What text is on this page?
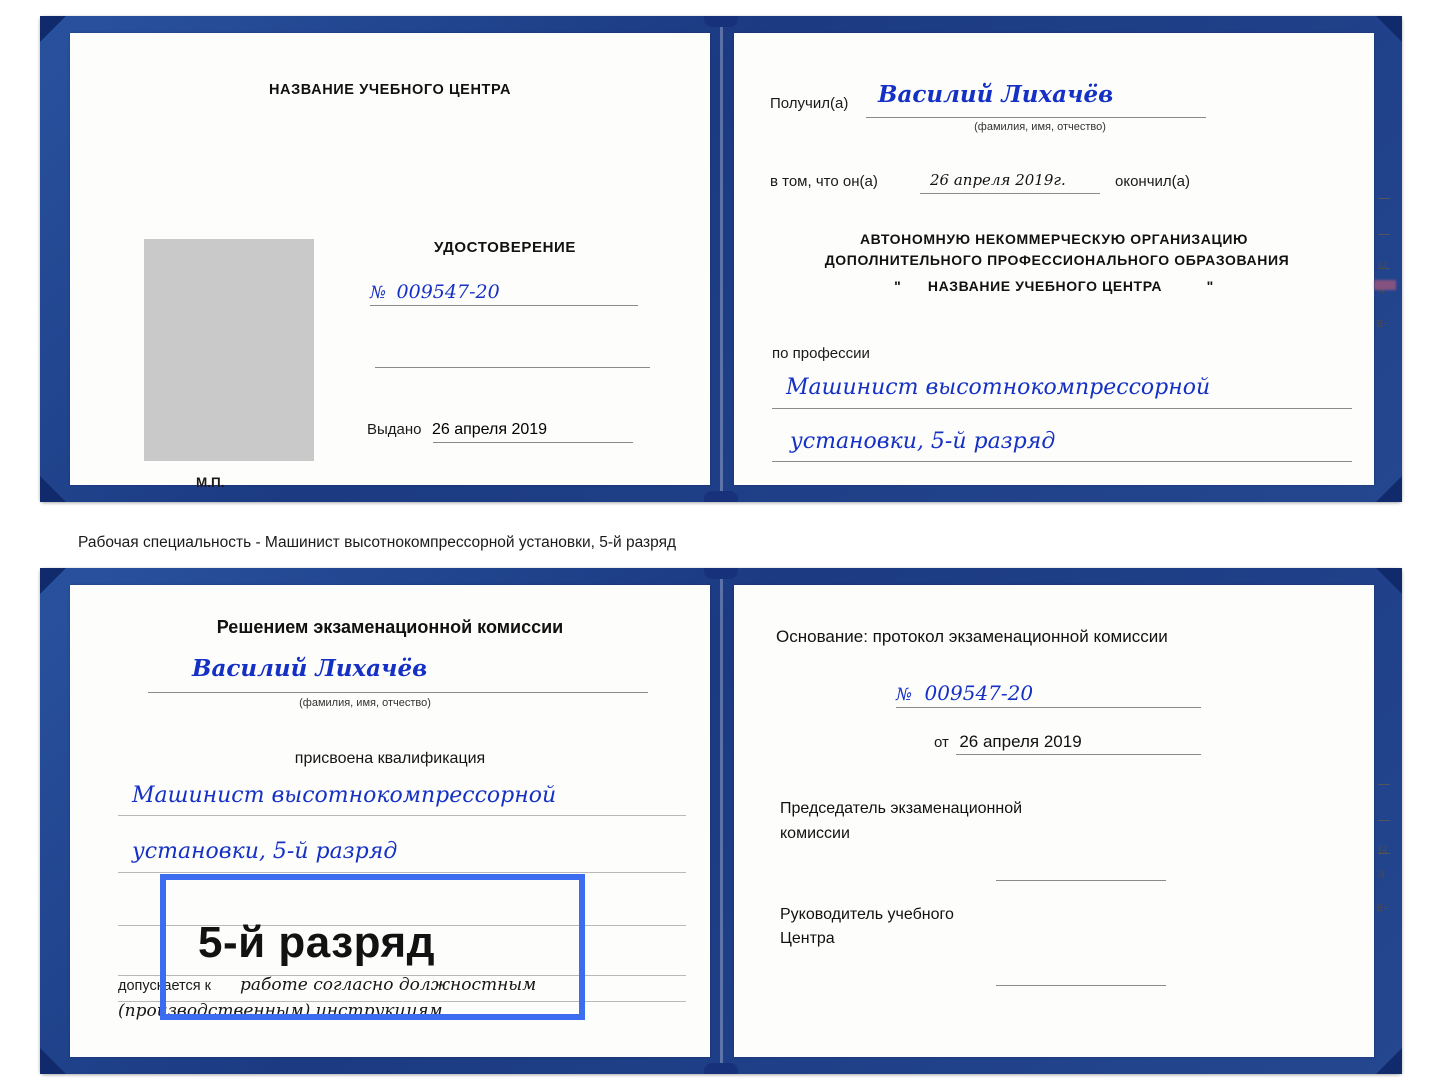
НАЗВАНИЕ УЧЕБНОГО ЦЕНТРА
УДОСТОВЕРЕНИЕ
№ 009547-20
Выдано 26 апреля 2019
М.П.
Получил(а) Василий Лихачёв
(фамилия, имя, отчество)
в том, что он(а)	26 апреля 2019г.	окончил(а)
АВТОНОМНУЮ НЕКОММЕРЧЕСКУЮ ОРГАНИЗАЦИЮ
ДОПОЛНИТЕЛЬНОГО ПРОФЕССИОНАЛЬНОГО ОБРАЗОВАНИЯ
" НАЗВАНИЕ УЧЕБНОГО ЦЕНТРА	"
по профессии
Машинист высотнокомпрессорной
установки, 5-й разряд
ы
к-
Рабочая специальность - Машинист высотнокомпрессорной установки, 5-й разряд
Решением экзаменационной комиссии
Василий Лихачёв
(фамилия, имя, отчество)
присвоена квалификация
Машинист высотнокомпрессорной
установки, 5-й разряд
допускается к работе согласно должностным
(производственным) инструкциям
Основание: протокол экзаменационной комиссии
№ 009547-20
от 26 апреля 2019
Председатель экзаменационной
комиссии
Руководитель учебного
Центра
ы
а
к-
5-й разряд
